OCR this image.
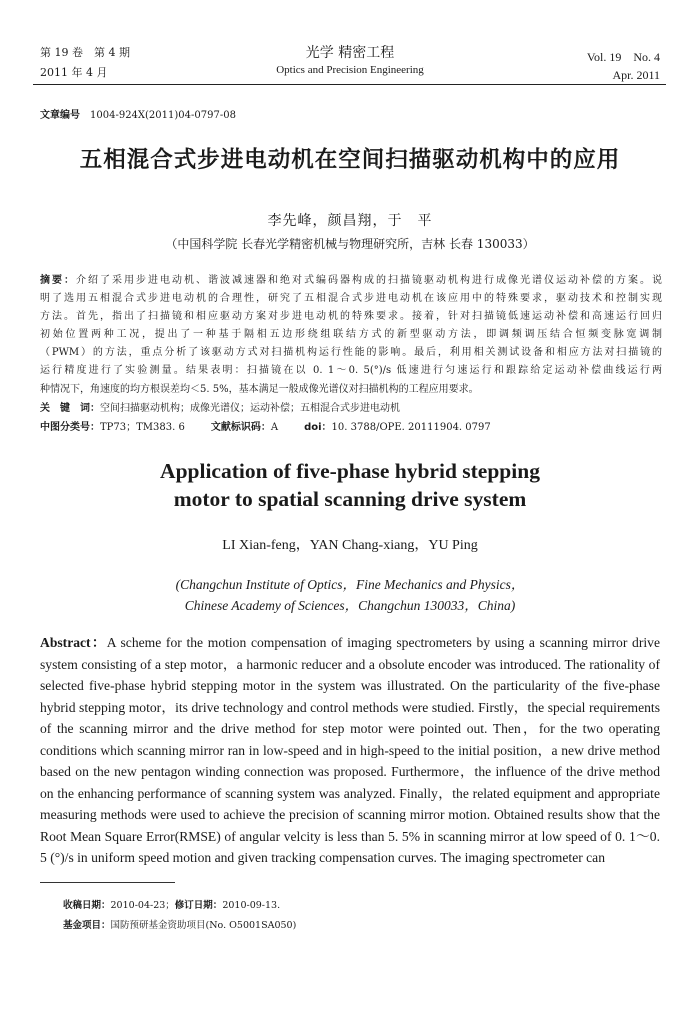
第 19 卷　第 4 期
2011 年 4 月
光学 精密工程
Optics and Precision Engineering
Vol. 19　No. 4
Apr. 2011
文章编号 1004-924X(2011)04-0797-08
五相混合式步进电动机在空间扫描驱动机构中的应用
李先峰，颜昌翔，于　平
（中国科学院 长春光学精密机械与物理研究所，吉林 长春 130033）
摘要：介绍了采用步进电动机、谐波减速器和绝对式编码器构成的扫描镜驱动机构进行成像光谱仪运动补偿的方案。说
明了选用五相混合式步进电动机的合理性，研究了五相混合式步进电动机在该应用中的特殊要求，驱动技术和控制实现
方法。首先，指出了扫描镜和相应驱动方案对步进电动机的特殊要求。接着，针对扫描镜低速运动补偿和高速运行回归
初始位置两种工况，提出了一种基于隔相五边形绕组联结方式的新型驱动方法，即调频调压结合恒频变脉宽调制
（PWM）的方法，重点分析了该驱动方式对扫描机构运行性能的影响。最后，利用相关测试设备和相应方法对扫描镜的
运行精度进行了实验测量。结果表明：扫描镜在以 0. 1～0. 5(°)/s 低速进行匀速运行和跟踪给定运动补偿曲线运行两
种情况下，角速度的均方根误差均＜5. 5%，基本满足一般成像光谱仪对扫描机构的工程应用要求。
关　键　词：空间扫描驱动机构；成像光谱仪；运动补偿；五相混合式步进电动机
中图分类号：TP73；TM383. 6	文献标识码：A	doi：10. 3788/OPE. 20111904. 0797
Application of five-phase hybrid stepping
motor to spatial scanning drive system
LI Xian-feng，YAN Chang-xiang，YU Ping
(Changchun Institute of Optics，Fine Mechanics and Physics，
Chinese Academy of Sciences，Changchun 130033，China)
Abstract：A scheme for the motion compensation of imaging spectrometers by using a scanning mirror drive system consisting of a step motor，a harmonic reducer and a obsolute encoder was introduced. The rationality of selected five-phase hybrid stepping motor in the system was illustrated. On the particularity of the five-phase hybrid stepping motor，its drive technology and control methods were studied. Firstly，the special requirements of the scanning mirror and the drive method for step motor were pointed out. Then，for the two operating conditions which scanning mirror ran in low-speed and in high-speed to the initial position，a new drive method based on the new pentagon winding connection was proposed. Furthermore，the influence of the drive method on the enhancing performance of scanning system was analyzed. Finally，the related equipment and appropriate measuring methods were used to achieve the precision of scanning mirror motion. Obtained results show that the Root Mean Square Error(RMSE) of angular velcity is less than 5. 5% in scanning mirror at low speed of 0. 1～0. 5 (°)/s in uniform speed motion and given tracking compensation curves. The imaging spectrometer can
收稿日期：2010-04-23；修订日期：2010-09-13.
基金项目：国防预研基金资助项目(No. O5001SA050)
